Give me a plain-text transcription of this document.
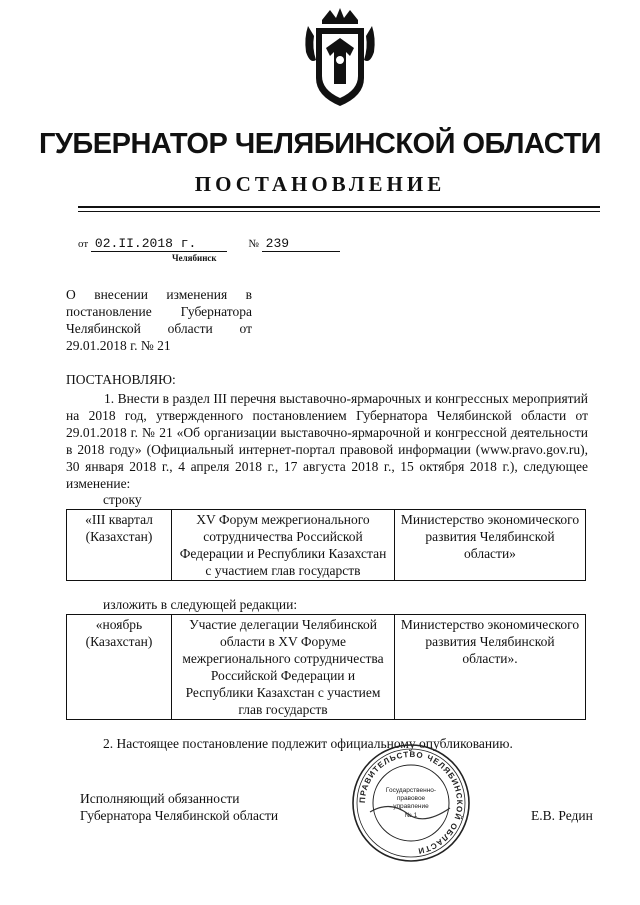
ГУБЕРНАТОР ЧЕЛЯБИНСКОЙ ОБЛАСТИ
ПОСТАНОВЛЕНИЕ
от 02.II.2018 г.	№ 239
Челябинск
О внесении изменения в постановление Губернатора Челябинской области от 29.01.2018 г. № 21
ПОСТАНОВЛЯЮ:
1. Внести в раздел III перечня выставочно-ярмарочных и конгрессных мероприятий на 2018 год, утвержденного постановлением Губернатора Челябинской области от 29.01.2018 г. № 21 «Об организации выставочно-ярмарочной и конгрессной деятельности в 2018 году» (Официальный интернет-портал правовой информации (www.pravo.gov.ru), 30 января 2018 г., 4 апреля 2018 г., 17 августа 2018 г., 15 октября 2018 г.), следующее изменение:
строку
«III квартал (Казахстан)	XV Форум межрегионального сотрудничества Российской Федерации и Республики Казахстан с участием глав государств	Министерство экономического развития Челябинской области»
изложить в следующей редакции:
«ноябрь (Казахстан)	Участие делегации Челябинской области в XV Форуме межрегионального сотрудничества Российской Федерации и Республики Казахстан с участием глав государств	Министерство экономического развития Челябинской области».
2. Настоящее постановление подлежит официальному опубликованию.
Исполняющий обязанности
Губернатора Челябинской области	Е.В. Редин
ПРАВИТЕЛЬСТВО ЧЕЛЯБИНСКОЙ ОБЛАСТИ
Государственно-
правовое
управление
№ 1
